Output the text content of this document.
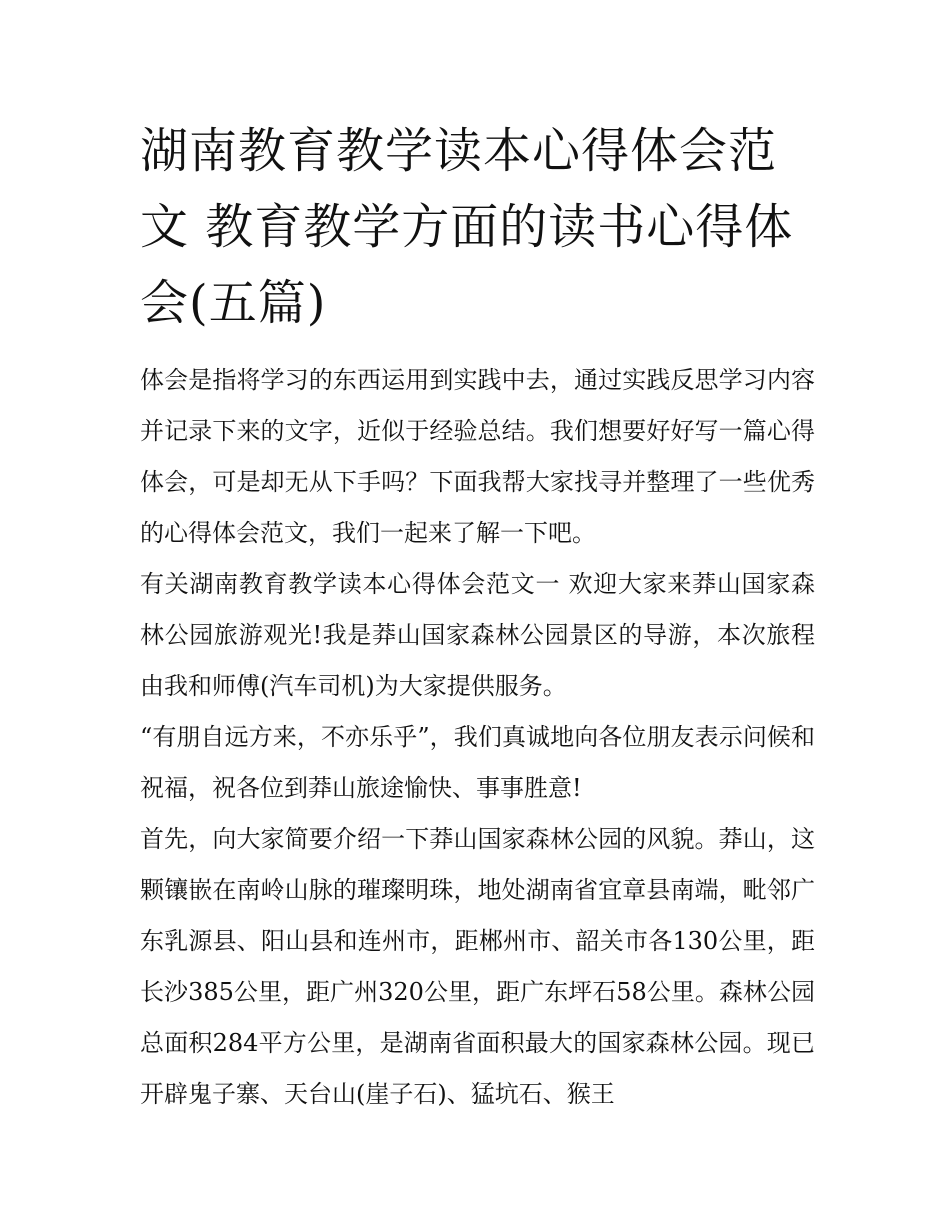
湖南教育教学读本心得体会范文 教育教学方面的读书心得体会(五篇)

体会是指将学习的东西运用到实践中去，通过实践反思学习内容并记录下来的文字，近似于经验总结。我们想要好好写一篇心得体会，可是却无从下手吗？下面我帮大家找寻并整理了一些优秀的心得体会范文，我们一起来了解一下吧。

有关湖南教育教学读本心得体会范文一 欢迎大家来莽山国家森林公园旅游观光!我是莽山国家森林公园景区的导游，本次旅程由我和师傅(汽车司机)为大家提供服务。

“有朋自远方来，不亦乐乎”，我们真诚地向各位朋友表示问候和祝福，祝各位到莽山旅途愉快、事事胜意!

首先，向大家简要介绍一下莽山国家森林公园的风貌。莽山，这颗镶嵌在南岭山脉的璀璨明珠，地处湖南省宜章县南端，毗邻广东乳源县、阳山县和连州市，距郴州市、韶关市各130公里，距长沙385公里，距广州320公里，距广东坪石58公里。森林公园总面积284平方公里，是湖南省面积最大的国家森林公园。现已开辟鬼子寨、天台山(崖子石)、猛坑石、猴王
